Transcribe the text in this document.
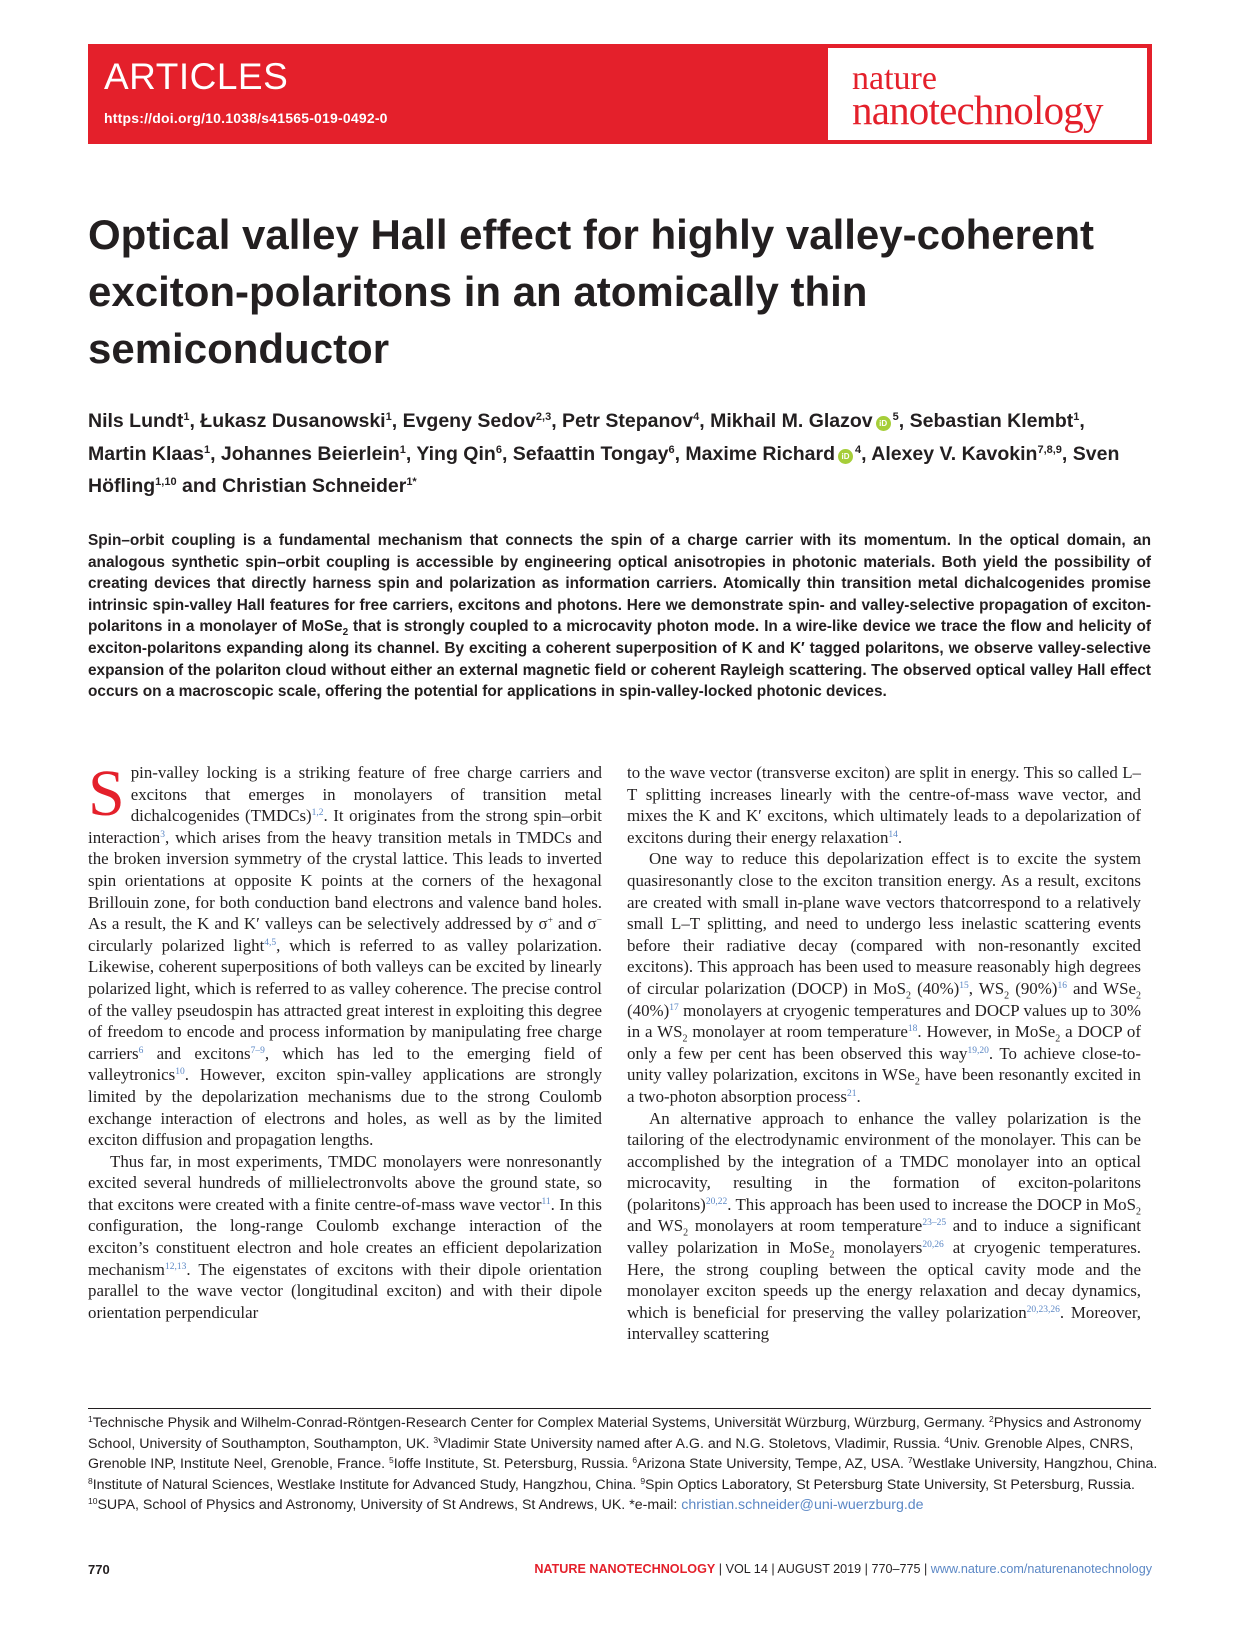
ARTICLES
https://doi.org/10.1038/s41565-019-0492-0
nature
nanotechnology
Optical valley Hall effect for highly valley-coherent exciton-polaritons in an atomically thin semiconductor

Nils Lundt$^1$, Łukasz Dusanowski$^1$, Evgeny Sedov$^{2,3}$, Petr Stepanov$^4$, Mikhail M. Glazov $iD^5$, Sebastian Klembt$^1$, Martin Klaas$^1$, Johannes Beierlein$^1$, Ying Qin$^6$, Sefaattin Tongay$^6$, Maxime Richard $iD^4$, Alexey V. Kavokin$^{7,8,9}$, Sven Höfling$^{1,10}$ and Christian Schneider$^{1*}$

Spin–orbit coupling is a fundamental mechanism that connects the spin of a charge carrier with its momentum. In the optical domain, an analogous synthetic spin–orbit coupling is accessible by engineering optical anisotropies in photonic materials. Both yield the possibility of creating devices that directly harness spin and polarization as information carriers. Atomically thin transition metal dichalcogenides promise intrinsic spin-valley Hall features for free carriers, excitons and photons. Here we demonstrate spin- and valley-selective propagation of exciton-polaritons in a monolayer of MoSe$_2$ that is strongly coupled to a microcavity photon mode. In a wire-like device we trace the flow and helicity of exciton-polaritons expanding along its channel. By exciting a coherent superposition of K and K′ tagged polaritons, we observe valley-selective expansion of the polariton cloud without either an external magnetic field or coherent Rayleigh scattering. The observed optical valley Hall effect occurs on a macroscopic scale, offering the potential for applications in spin-valley-locked photonic devices.

Spin-valley locking is a striking feature of free charge carriers and excitons that emerges in monolayers of transition metal dichalcogenides (TMDCs)$^{1,2}$. It originates from the strong spin–orbit interaction$^3$, which arises from the heavy transition metals in TMDCs and the broken inversion symmetry of the crystal lattice. This leads to inverted spin orientations at opposite K points at the corners of the hexagonal Brillouin zone, for both conduction band electrons and valence band holes. As a result, the K and K′ valleys can be selectively addressed by σ+ and σ− circularly polarized light$^{4,5}$, which is referred to as valley polarization. Likewise, coherent superpositions of both valleys can be excited by linearly polarized light, which is referred to as valley coherence. The precise control of the valley pseudospin has attracted great interest in exploiting this degree of freedom to encode and process information by manipulating free charge carriers$^6$ and excitons$^{7-9}$, which has led to the emerging field of valleytronics$^{10}$. However, exciton spin-valley applications are strongly limited by the depolarization mechanisms due to the strong Coulomb exchange interaction of electrons and holes, as well as by the limited exciton diffusion and propagation lengths.

Thus far, in most experiments, TMDC monolayers were nonresonantly excited several hundreds of millielectronvolts above the ground state, so that excitons were created with a finite centre-of-mass wave vector$^{11}$. In this configuration, the long-range Coulomb exchange interaction of the exciton’s constituent electron and hole creates an efficient depolarization mechanism$^{12,13}$. The eigenstates of excitons with their dipole orientation parallel to the wave vector (longitudinal exciton) and with their dipole orientation perpendicular

to the wave vector (transverse exciton) are split in energy. This so called L–T splitting increases linearly with the centre-of-mass wave vector, and mixes the K and K′ excitons, which ultimately leads to a depolarization of excitons during their energy relaxation$^{14}$.

One way to reduce this depolarization effect is to excite the system quasiresonantly close to the exciton transition energy. As a result, excitons are created with small in-plane wave vectors thatcorrespond to a relatively small L–T splitting, and need to undergo less inelastic scattering events before their radiative decay (compared with non-resonantly excited excitons). This approach has been used to measure reasonably high degrees of circular polarization (DOCP) in MoS$_2$ $(40\%)^{15}$, $WS_2$ $(90\%)^{16}$ and WSe$_2$ $(40\%)^{17}$ monolayers at cryogenic temperatures and DOCP values up to 30% in a $WS_2$ monolayer at room temperature$^{18}$. However, in MoSe$_2$ a DOCP of only a few per cent has been observed this way$^{19,20}$. To achieve close-to-unity valley polarization, excitons in WSe$_2$ have been resonantly excited in a two-photon absorption process$^{21}$.

An alternative approach to enhance the valley polarization is the tailoring of the electrodynamic environment of the monolayer. This can be accomplished by the integration of a TMDC monolayer into an optical microcavity, resulting in the formation of exciton-polaritons (polaritons)$^{20,22}$. This approach has been used to increase the DOCP in MoS$_2$ and $WS_2$ monolayers at room temperature$^{23-25}$ and to induce a significant valley polarization in MoSe$_2$ monolayers$^{20,26}$ at cryogenic temperatures. Here, the strong coupling between the optical cavity mode and the monolayer exciton speeds up the energy relaxation and decay dynamics, which is beneficial for preserving the valley polarization$^{20,23,26}$. Moreover, intervalley scattering

$^1$Technische Physik and Wilhelm-Conrad-Röntgen-Research Center for Complex Material Systems, Universität Würzburg, Würzburg, Germany. $^2$Physics and Astronomy School, University of Southampton, Southampton, UK. $^3$Vladimir State University named after A.G. and N.G. Stoletovs, Vladimir, Russia. $^4$Univ. Grenoble Alpes, CNRS, Grenoble INP, Institute Neel, Grenoble, France. $^5$Ioffe Institute, St. Petersburg, Russia. $^6$Arizona State University, Tempe, AZ, USA. $^7$Westlake University, Hangzhou, China. $^8$Institute of Natural Sciences, Westlake Institute for Advanced Study, Hangzhou, China. $^9$Spin Optics Laboratory, St Petersburg State University, St Petersburg, Russia. $^{10}$SUPA, School of Physics and Astronomy, University of St Andrews, St Andrews, UK. *e-mail: christian.schneider@uni-wuerzburg.de

770	NATURE NANOTECHNOLOGY | VOL 14 | AUGUST 2019 | 770–775 | www.nature.com/naturenanotechnology
